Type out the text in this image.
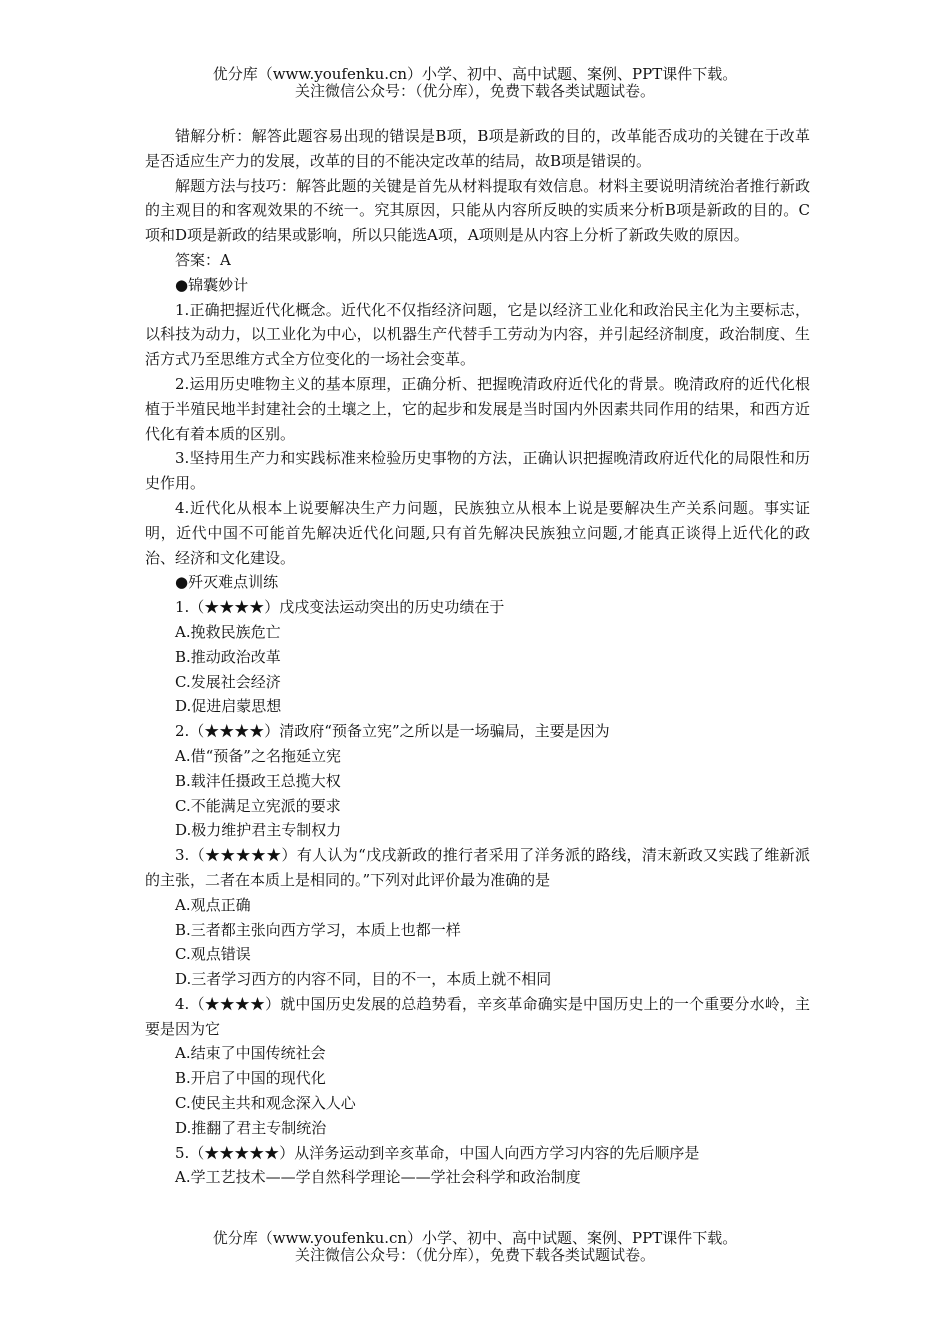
优分库（www.youfenku.cn）小学、初中、高中试题、案例、PPT课件下载。
关注微信公众号：（优分库），免费下载各类试题试卷。

错解分析：解答此题容易出现的错误是B项，B项是新政的目的，改革能否成功的关键在于改革是否适应生产力的发展，改革的目的不能决定改革的结局，故B项是错误的。

解题方法与技巧：解答此题的关键是首先从材料提取有效信息。材料主要说明清统治者推行新政的主观目的和客观效果的不统一。究其原因，只能从内容所反映的实质来分析B项是新政的目的。C项和D项是新政的结果或影响，所以只能选A项，A项则是从内容上分析了新政失败的原因。

答案：A

●锦囊妙计

1.正确把握近代化概念。近代化不仅指经济问题，它是以经济工业化和政治民主化为主要标志，以科技为动力，以工业化为中心，以机器生产代替手工劳动为内容，并引起经济制度，政治制度、生活方式乃至思维方式全方位变化的一场社会变革。

2.运用历史唯物主义的基本原理，正确分析、把握晚清政府近代化的背景。晚清政府的近代化根植于半殖民地半封建社会的土壤之上，它的起步和发展是当时国内外因素共同作用的结果，和西方近代化有着本质的区别。

3.坚持用生产力和实践标准来检验历史事物的方法，正确认识把握晚清政府近代化的局限性和历史作用。

4.近代化从根本上说要解决生产力问题，民族独立从根本上说是要解决生产关系问题。事实证明，近代中国不可能首先解决近代化问题,只有首先解决民族独立问题,才能真正谈得上近代化的政治、经济和文化建设。

●歼灭难点训练

1.（★★★★）戊戌变法运动突出的历史功绩在于

A.挽救民族危亡

B.推动政治改革

C.发展社会经济

D.促进启蒙思想

2.（★★★★）清政府“预备立宪”之所以是一场骗局，主要是因为

A.借“预备”之名拖延立宪

B.载沣任摄政王总揽大权

C.不能满足立宪派的要求

D.极力维护君主专制权力

3.（★★★★★）有人认为“戊戌新政的推行者采用了洋务派的路线，清末新政又实践了维新派的主张，二者在本质上是相同的。”下列对此评价最为准确的是

A.观点正确

B.三者都主张向西方学习，本质上也都一样

C.观点错误

D.三者学习西方的内容不同，目的不一，本质上就不相同

4.（★★★★）就中国历史发展的总趋势看，辛亥革命确实是中国历史上的一个重要分水岭，主要是因为它

A.结束了中国传统社会

B.开启了中国的现代化

C.使民主共和观念深入人心

D.推翻了君主专制统治

5.（★★★★★）从洋务运动到辛亥革命，中国人向西方学习内容的先后顺序是

A.学工艺技术——学自然科学理论——学社会科学和政治制度

优分库（www.youfenku.cn）小学、初中、高中试题、案例、PPT课件下载。
关注微信公众号：（优分库），免费下载各类试题试卷。
